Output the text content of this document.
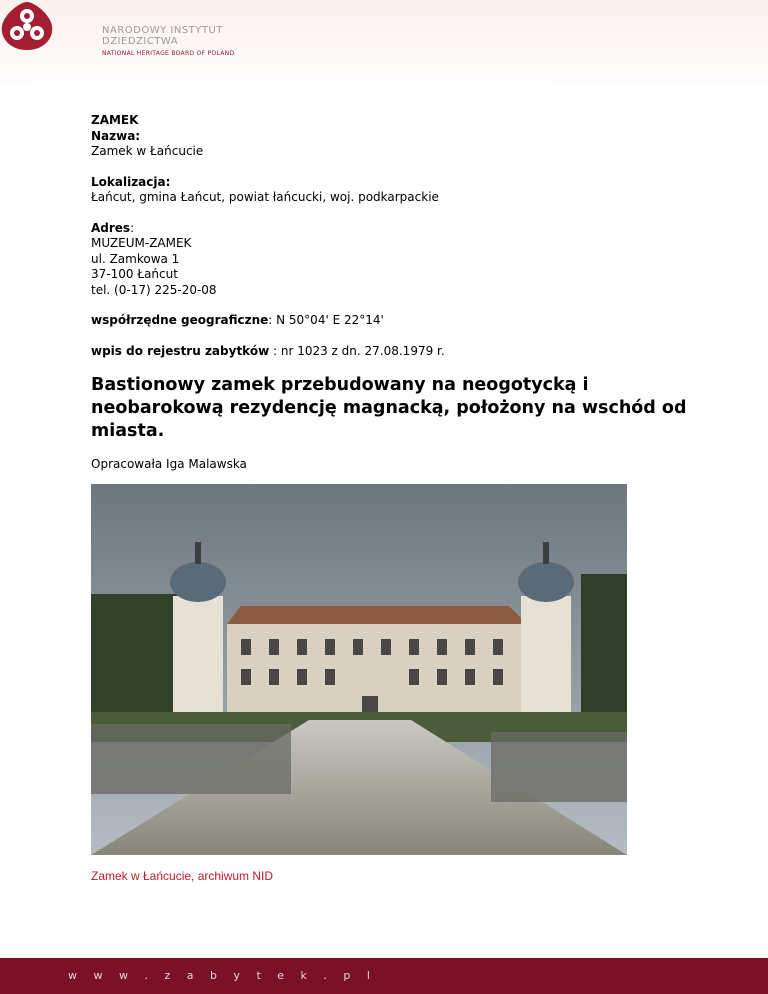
NARODOWY INSTYTUT
DZIEDZICTWA
NATIONAL HERITAGE BOARD OF POLAND

ZAMEK
Nazwa:
Zamek w Łańcucie

Lokalizacja:
Łańcut, gmina Łańcut, powiat łańcucki, woj. podkarpackie

Adres:
MUZEUM-ZAMEK
ul. Zamkowa 1
37-100 Łańcut
tel. (0-17) 225-20-08

współrzędne geograficzne: N 50°04' E 22°14'

wpis do rejestru zabytków : nr 1023 z dn. 27.08.1979 r.

Bastionowy zamek przebudowany na neogotycką i neobarokową rezydencję magnacką, położony na wschód od miasta.
Opracowała Iga Malawska
Zamek w Łańcucie, archiwum NID
w w w . z a b y t e k . p l
